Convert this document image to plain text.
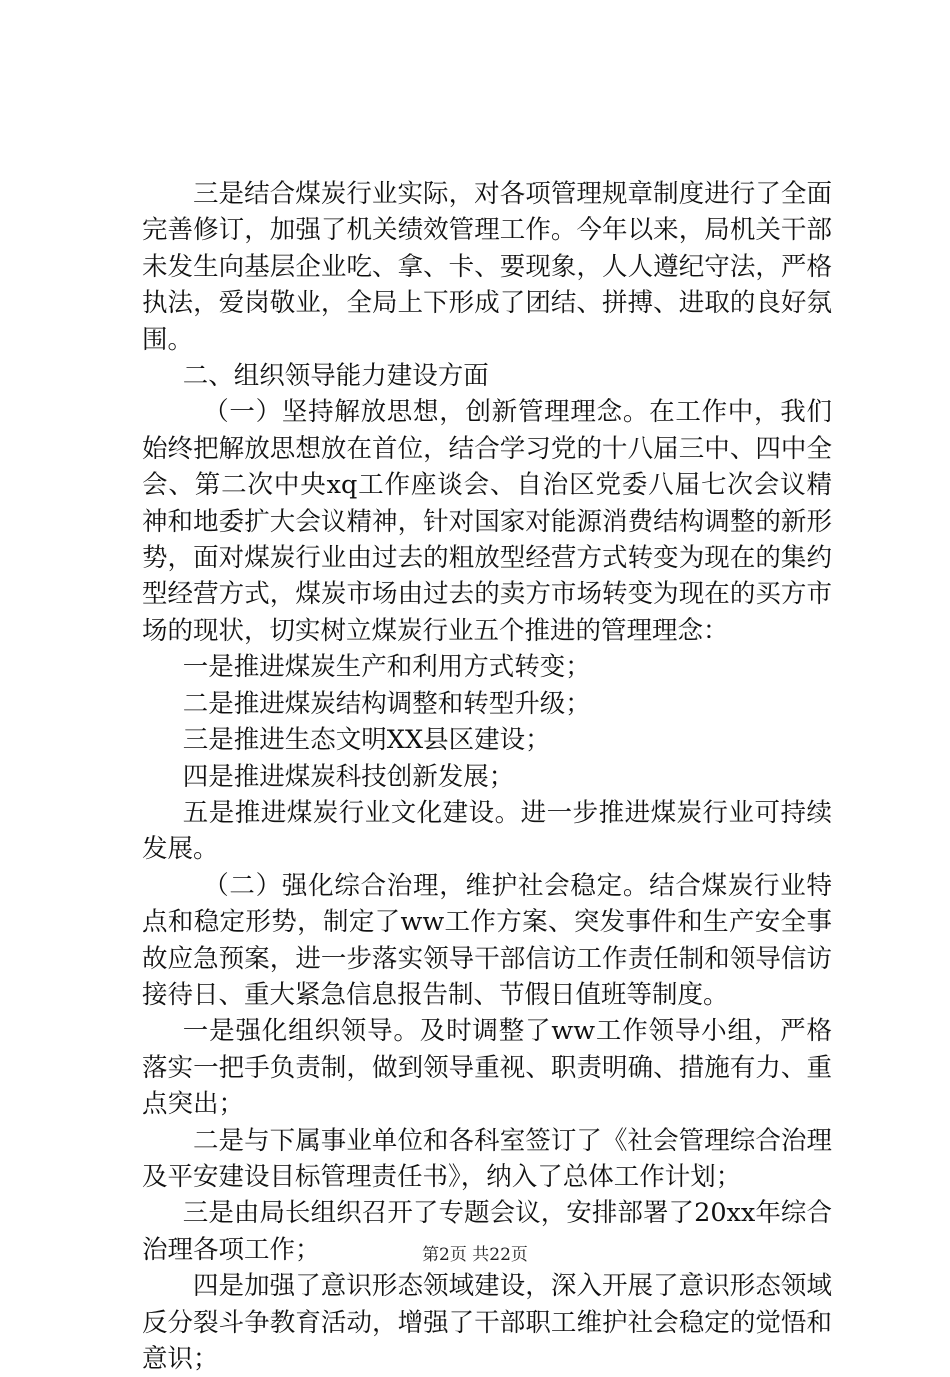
三是结合煤炭行业实际，对各项管理规章制度进行了全面完善修订，加强了机关绩效管理工作。今年以来，局机关干部未发生向基层企业吃、拿、卡、要现象，人人遵纪守法，严格执法，爱岗敬业，全局上下形成了团结、拼搏、进取的良好氛围。

二、组织领导能力建设方面

（一）坚持解放思想，创新管理理念。在工作中，我们始终把解放思想放在首位，结合学习党的十八届三中、四中全会、第二次中央xq工作座谈会、自治区党委八届七次会议精神和地委扩大会议精神，针对国家对能源消费结构调整的新形势，面对煤炭行业由过去的粗放型经营方式转变为现在的集约型经营方式，煤炭市场由过去的卖方市场转变为现在的买方市场的现状，切实树立煤炭行业五个推进的管理理念：

一是推进煤炭生产和利用方式转变；

二是推进煤炭结构调整和转型升级；

三是推进生态文明XX县区建设；

四是推进煤炭科技创新发展；

五是推进煤炭行业文化建设。进一步推进煤炭行业可持续发展。

（二）强化综合治理，维护社会稳定。结合煤炭行业特点和稳定形势，制定了ww工作方案、突发事件和生产安全事故应急预案，进一步落实领导干部信访工作责任制和领导信访接待日、重大紧急信息报告制、节假日值班等制度。

一是强化组织领导。及时调整了ww工作领导小组，严格落实一把手负责制，做到领导重视、职责明确、措施有力、重点突出；

二是与下属事业单位和各科室签订了《社会管理综合治理及平安建设目标管理责任书》，纳入了总体工作计划；

三是由局长组织召开了专题会议，安排部署了20xx年综合治理各项工作；

四是加强了意识形态领域建设，深入开展了意识形态领域反分裂斗争教育活动，增强了干部职工维护社会稳定的觉悟和意识；

第2页 共22页
